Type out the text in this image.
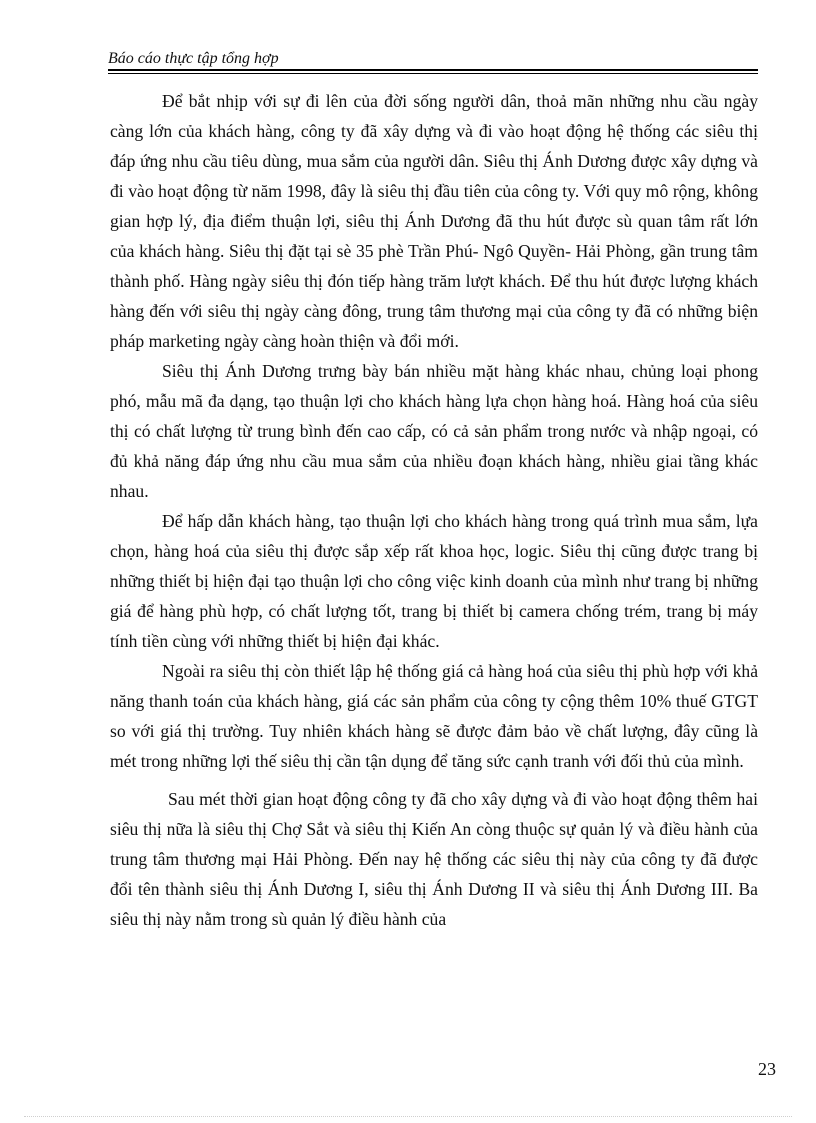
Báo cáo thực tập tổng hợp

Để bắt nhịp với sự đi lên của đời sống người dân, thoả mãn những nhu cầu ngày càng lớn của khách hàng, công ty đã xây dựng và đi vào hoạt động hệ thống các siêu thị đáp ứng nhu cầu tiêu dùng, mua sắm của người dân. Siêu thị Ánh Dương được xây dựng và đi vào hoạt động từ năm 1998, đây là siêu thị đầu tiên của công ty. Với quy mô rộng, không gian hợp lý, địa điểm thuận lợi, siêu thị Ánh Dương đã thu hút được sù quan tâm rất lớn của khách hàng. Siêu thị đặt tại sè 35 phè Trần Phú- Ngô Quyền- Hải Phòng, gần trung tâm thành phố. Hàng ngày siêu thị đón tiếp hàng trăm lượt khách. Để thu hút được lượng khách hàng đến với siêu thị ngày càng đông, trung tâm thương mại của công ty đã có những biện pháp marketing ngày càng hoàn thiện và đổi mới.

Siêu thị Ánh Dương trưng bày bán nhiều mặt hàng khác nhau, chủng loại phong phó, mẫu mã đa dạng, tạo thuận lợi cho khách hàng lựa chọn hàng hoá. Hàng hoá của siêu thị có chất lượng từ trung bình đến cao cấp, có cả sản phẩm trong nước và nhập ngoại, có đủ khả năng đáp ứng nhu cầu mua sắm của nhiều đoạn khách hàng, nhiều giai tầng khác nhau.

Để hấp dẫn khách hàng, tạo thuận lợi cho khách hàng trong quá trình mua sắm, lựa chọn, hàng hoá của siêu thị được sắp xếp rất khoa học, logic. Siêu thị cũng được trang bị những thiết bị hiện đại tạo thuận lợi cho công việc kinh doanh của mình như trang bị những giá để hàng phù hợp, có chất lượng tốt, trang bị thiết bị camera chống trém, trang bị máy tính tiền cùng với những thiết bị hiện đại khác.

Ngoài ra siêu thị còn thiết lập hệ thống giá cả hàng hoá của siêu thị phù hợp với khả năng thanh toán của khách hàng, giá các sản phẩm của công ty cộng thêm 10% thuế GTGT so với giá thị trường. Tuy nhiên khách hàng sẽ được đảm bảo về chất lượng, đây cũng là mét trong những lợi thế siêu thị cần tận dụng để tăng sức cạnh tranh với đối thủ của mình.

Sau mét thời gian hoạt động công ty đã cho xây dựng và đi vào hoạt động thêm hai siêu thị nữa là siêu thị Chợ Sắt và siêu thị Kiến An còng thuộc sự quản lý và điều hành của trung tâm thương mại Hải Phòng. Đến nay hệ thống các siêu thị này của công ty đã được đổi tên thành siêu thị Ánh Dương I, siêu thị Ánh Dương II và siêu thị Ánh Dương III. Ba siêu thị này nằm trong sù quản lý điều hành của

23
